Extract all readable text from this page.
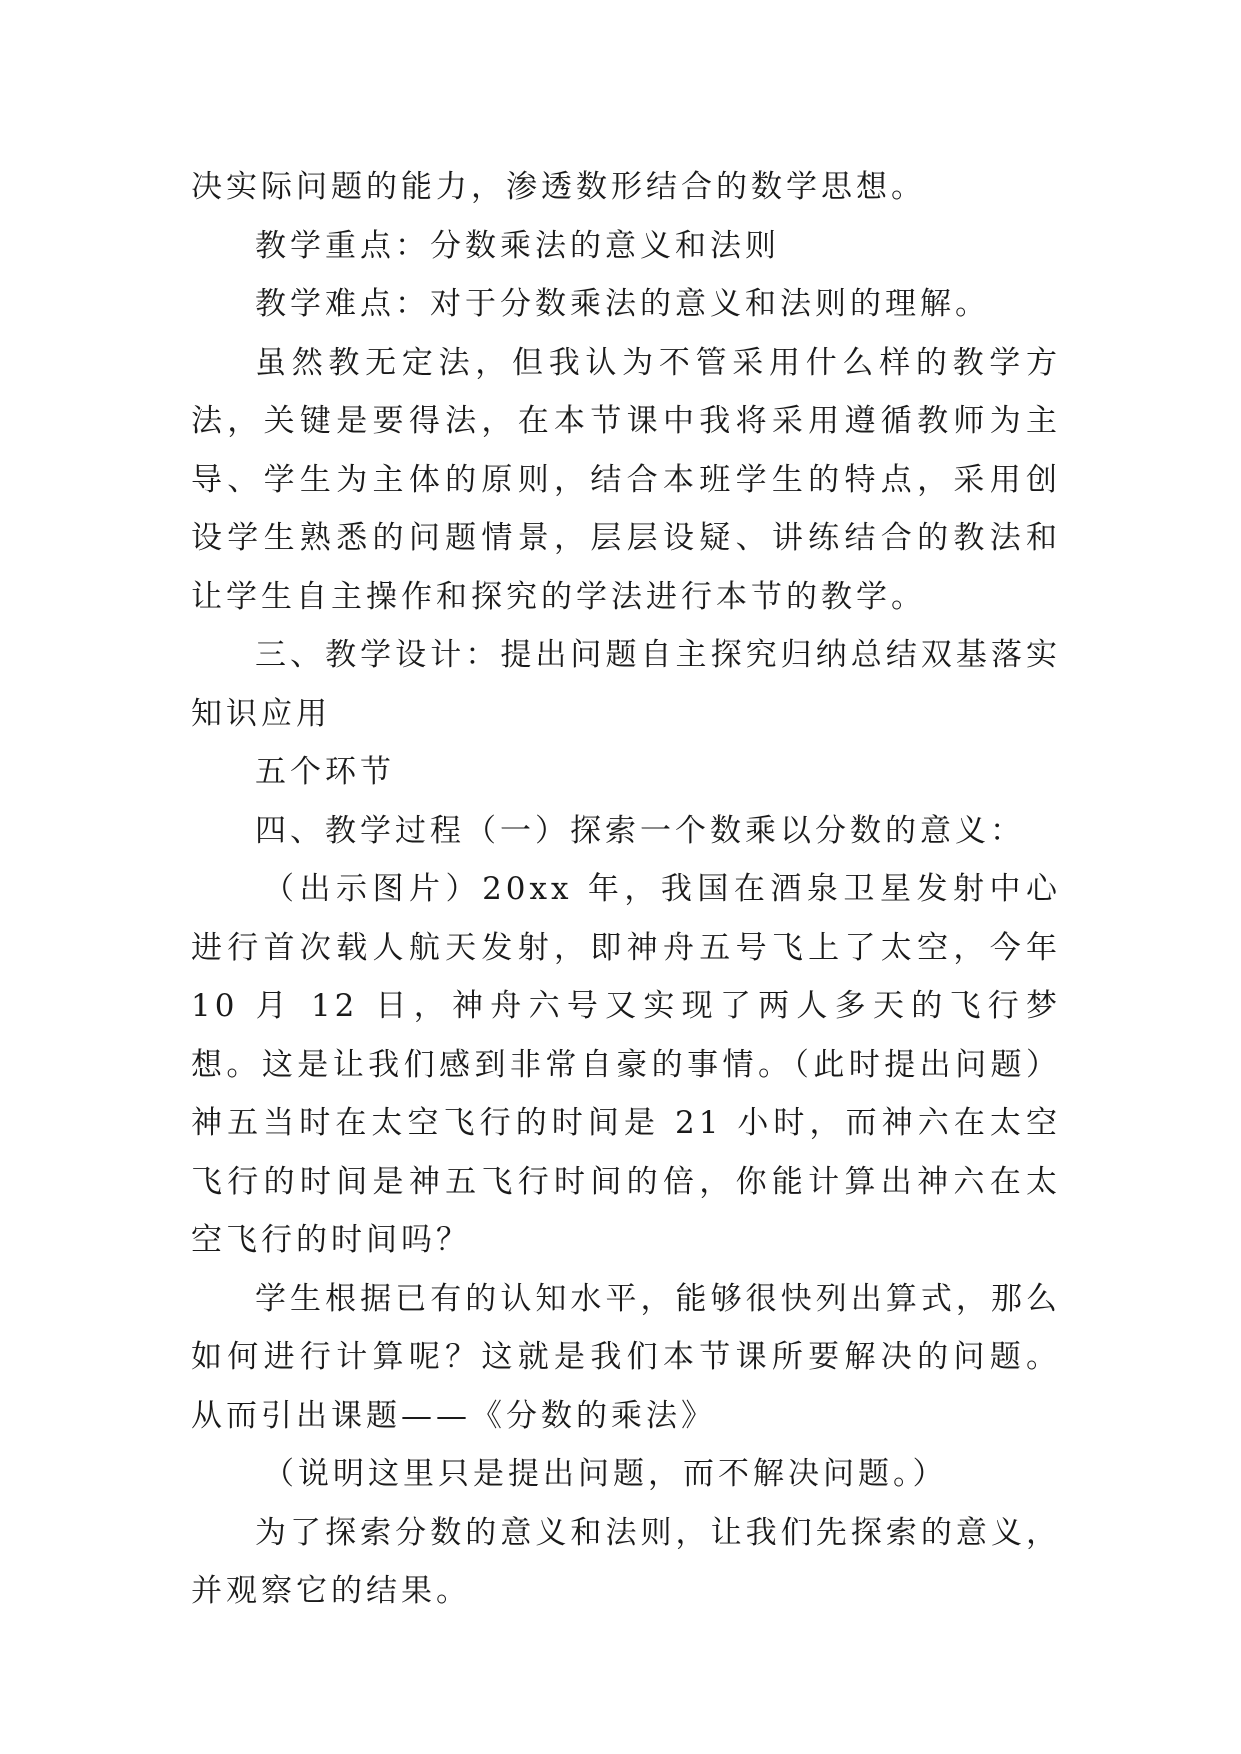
决实际问题的能力，渗透数形结合的数学思想。

教学重点：分数乘法的意义和法则

教学难点：对于分数乘法的意义和法则的理解。

虽然教无定法，但我认为不管采用什么样的教学方法，关键是要得法，在本节课中我将采用遵循教师为主导、学生为主体的原则，结合本班学生的特点，采用创设学生熟悉的问题情景，层层设疑、讲练结合的教法和让学生自主操作和探究的学法进行本节的教学。

三、教学设计：提出问题自主探究归纳总结双基落实知识应用

五个环节

四、教学过程（一）探索一个数乘以分数的意义：

（出示图片）20xx 年，我国在酒泉卫星发射中心进行首次载人航天发射，即神舟五号飞上了太空，今年 10 月 12 日，神舟六号又实现了两人多天的飞行梦想。这是让我们感到非常自豪的事情。（此时提出问题）神五当时在太空飞行的时间是 21 小时，而神六在太空飞行的时间是神五飞行时间的倍，你能计算出神六在太空飞行的时间吗？

学生根据已有的认知水平，能够很快列出算式，那么如何进行计算呢？这就是我们本节课所要解决的问题。从而引出课题——《分数的乘法》

（说明这里只是提出问题，而不解决问题。）

为了探索分数的意义和法则，让我们先探索的意义，并观察它的结果。
